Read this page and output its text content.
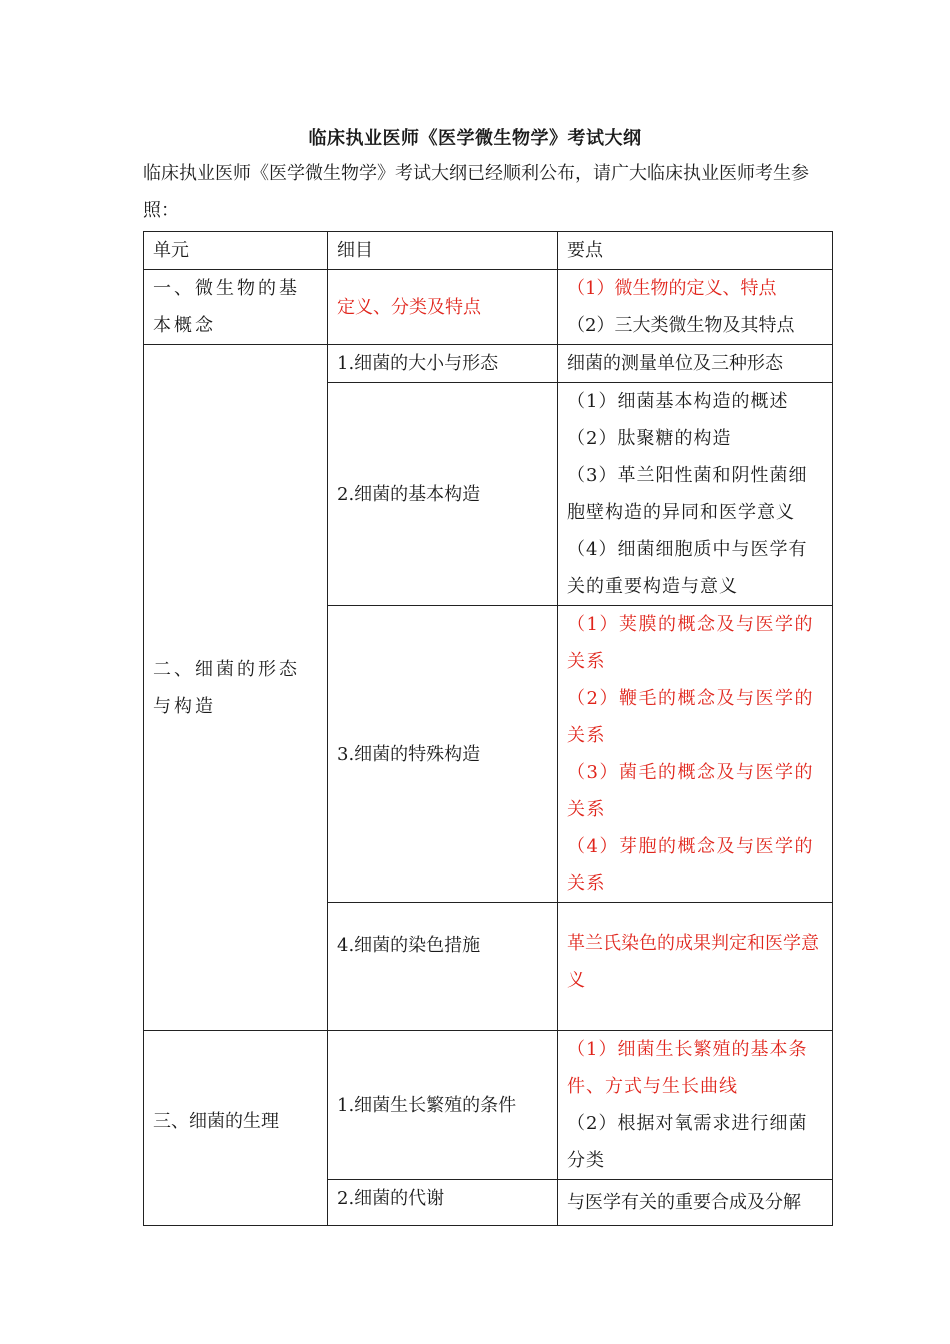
临床执业医师《医学微生物学》考试大纲
临床执业医师《医学微生物学》考试大纲已经顺利公布，请广大临床执业医师考生参照：
单元	细目	要点
一、微生物的基本概念	定义、分类及特点	（1）微生物的定义、特点
（2）三大类微生物及其特点

二、细菌的形态与构造	1.细菌的大小与形态	细菌的测量单位及三种形态

	2.细菌的基本构造	（1）细菌基本构造的概述
（2）肽聚糖的构造
（3）革兰阳性菌和阴性菌细胞壁构造的异同和医学意义
（4）细菌细胞质中与医学有关的重要构造与意义

	3.细菌的特殊构造	（1）荚膜的概念及与医学的关系
（2）鞭毛的概念及与医学的关系
（3）菌毛的概念及与医学的关系
（4）芽胞的概念及与医学的关系

	4.细菌的染色措施	革兰氏染色的成果判定和医学意义

三、细菌的生理	1.细菌生长繁殖的条件	（1）细菌生长繁殖的基本条件、方式与生长曲线
（2）根据对氧需求进行细菌分类

	2.细菌的代谢	与医学有关的重要合成及分解
